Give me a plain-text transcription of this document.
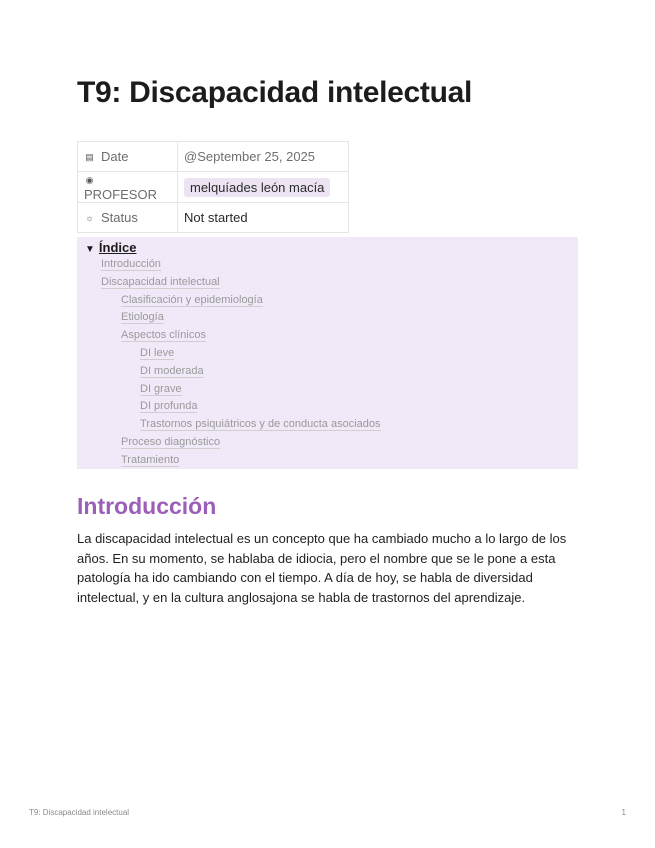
T9: Discapacidad intelectual
▤ Date	@September 25, 2025
◉PROFESOR	melquíades león macía
☼ Status	Not started
▼ Índice
Introducción
Discapacidad intelectual
Clasificación y epidemiología
Etiología
Aspectos clínicos
DI leve
DI moderada
DI grave
DI profunda
Trastornos psiquiátricos y de conducta asociados
Proceso diagnóstico
Tratamiento
Introducción

La discapacidad intelectual es un concepto que ha cambiado mucho a lo largo de los años. En su momento, se hablaba de idiocia, pero el nombre que se le pone a esta patología ha ido cambiando con el tiempo. A día de hoy, se habla de diversidad intelectual, y en la cultura anglosajona se habla de trastornos del aprendizaje.

T9: Discapacidad intelectual	1
